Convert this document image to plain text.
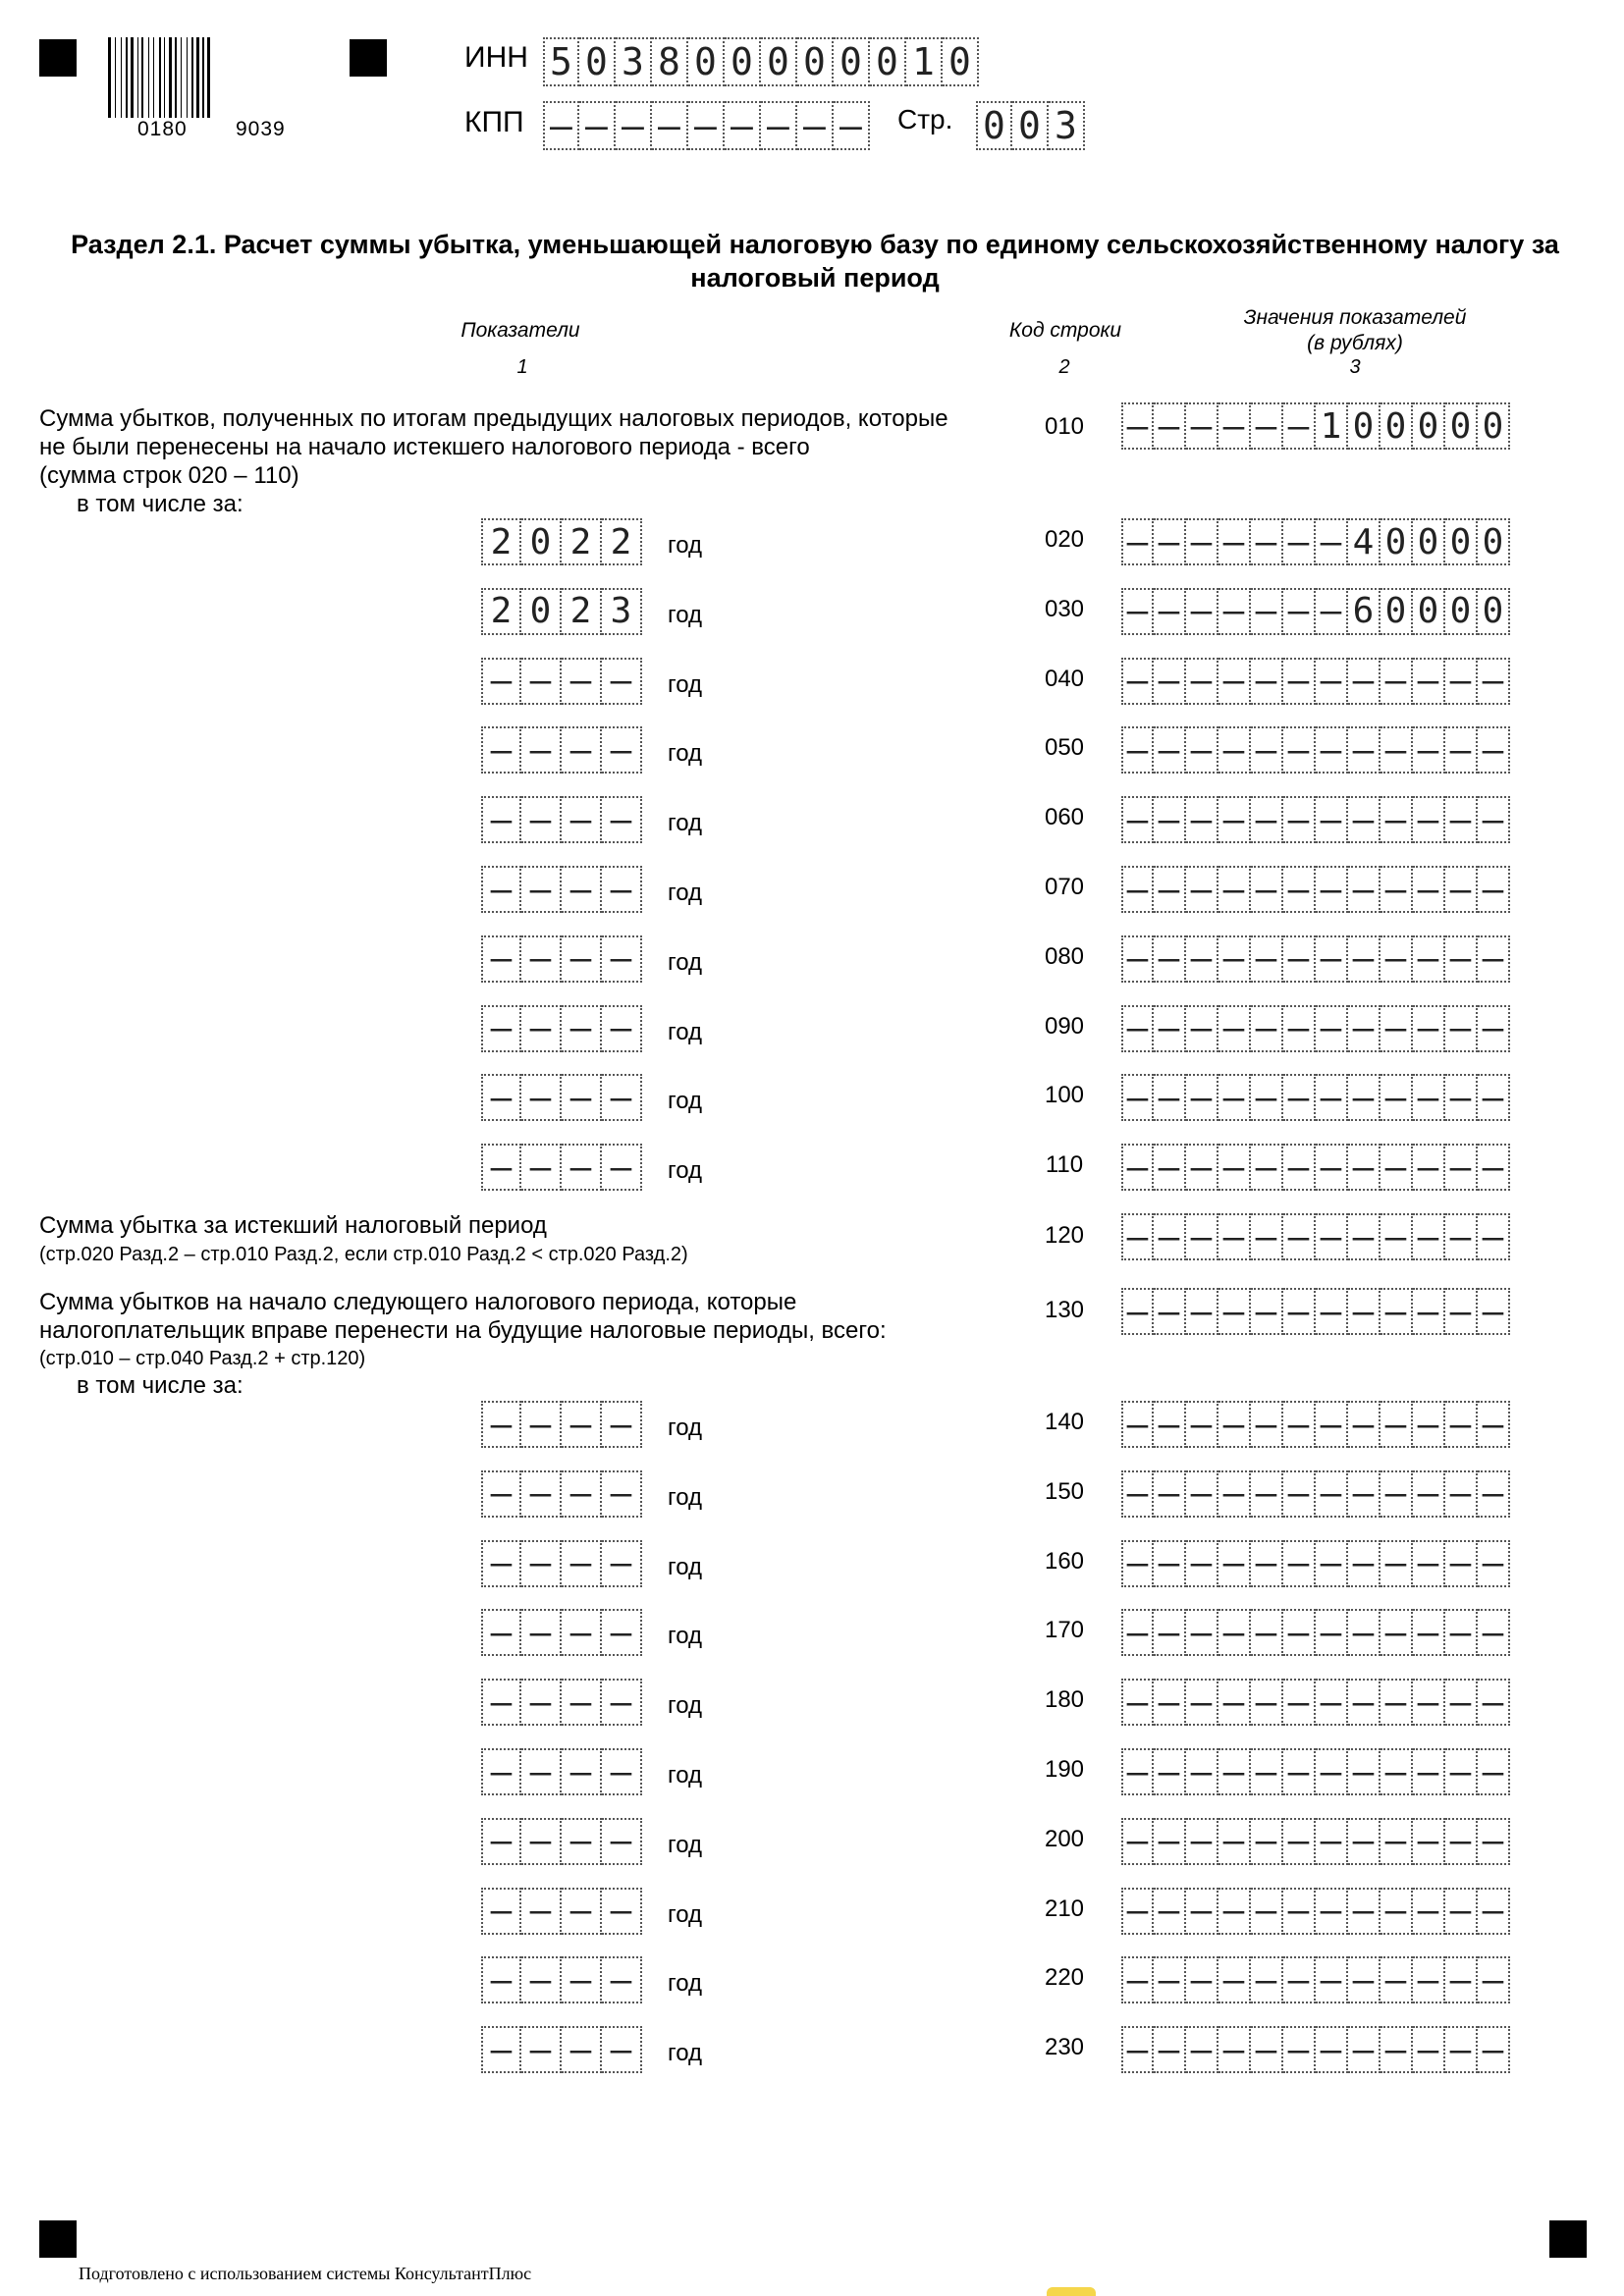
0180 9039
ИНН 5 0 3 8 0 0 0 0 0 0 1 0
КПП – – – – – – – – – Стр. 0 0 3
Раздел 2.1. Расчет суммы убытка, уменьшающей налоговую базу по единому сельскохозяйственному налогу за налоговый период
Показатели	Код строки
Значения показателей
(в рублях)
1	2	3
Сумма убытков, полученных по итогам предыдущих налоговых периодов, которые
не были перенесены на начало истекшего налогового периода - всего
(сумма строк 020 – 110)
010	– – – – – – 1 0 0 0 0 0
в том числе за:
2 0 2 2	год	020	– – – – – – – 4 0 0 0 0
2 0 2 3	год	030	– – – – – – – 6 0 0 0 0
– – – –	год	040	– – – – – – – – – – – –
– – – –	год	050	– – – – – – – – – – – –
– – – –	год	060	– – – – – – – – – – – –
– – – –	год	070	– – – – – – – – – – – –
– – – –	год	080	– – – – – – – – – – – –
– – – –	год	090	– – – – – – – – – – – –
– – – –	год	100	– – – – – – – – – – – –
– – – –	год	110	– – – – – – – – – – – –
Сумма убытка за истекший налоговый период
(стр.020 Разд.2 – стр.010 Разд.2, если стр.010 Разд.2 < стр.020 Разд.2)
120	– – – – – – – – – – – –
Сумма убытков на начало следующего налогового периода, которые
налогоплательщик вправе перенести на будущие налоговые периоды, всего:
(стр.010 – стр.040 Разд.2 + стр.120)
130	– – – – – – – – – – – –
в том числе за:
– – – –	год	140	– – – – – – – – – – – –
– – – –	год	150	– – – – – – – – – – – –
– – – –	год	160	– – – – – – – – – – – –
– – – –	год	170	– – – – – – – – – – – –
– – – –	год	180	– – – – – – – – – – – –
– – – –	год	190	– – – – – – – – – – – –
– – – –	год	200	– – – – – – – – – – – –
– – – –	год	210	– – – – – – – – – – – –
– – – –	год	220	– – – – – – – – – – – –
– – – –	год	230	– – – – – – – – – – – –
Подготовлено с использованием системы КонсультантПлюс
